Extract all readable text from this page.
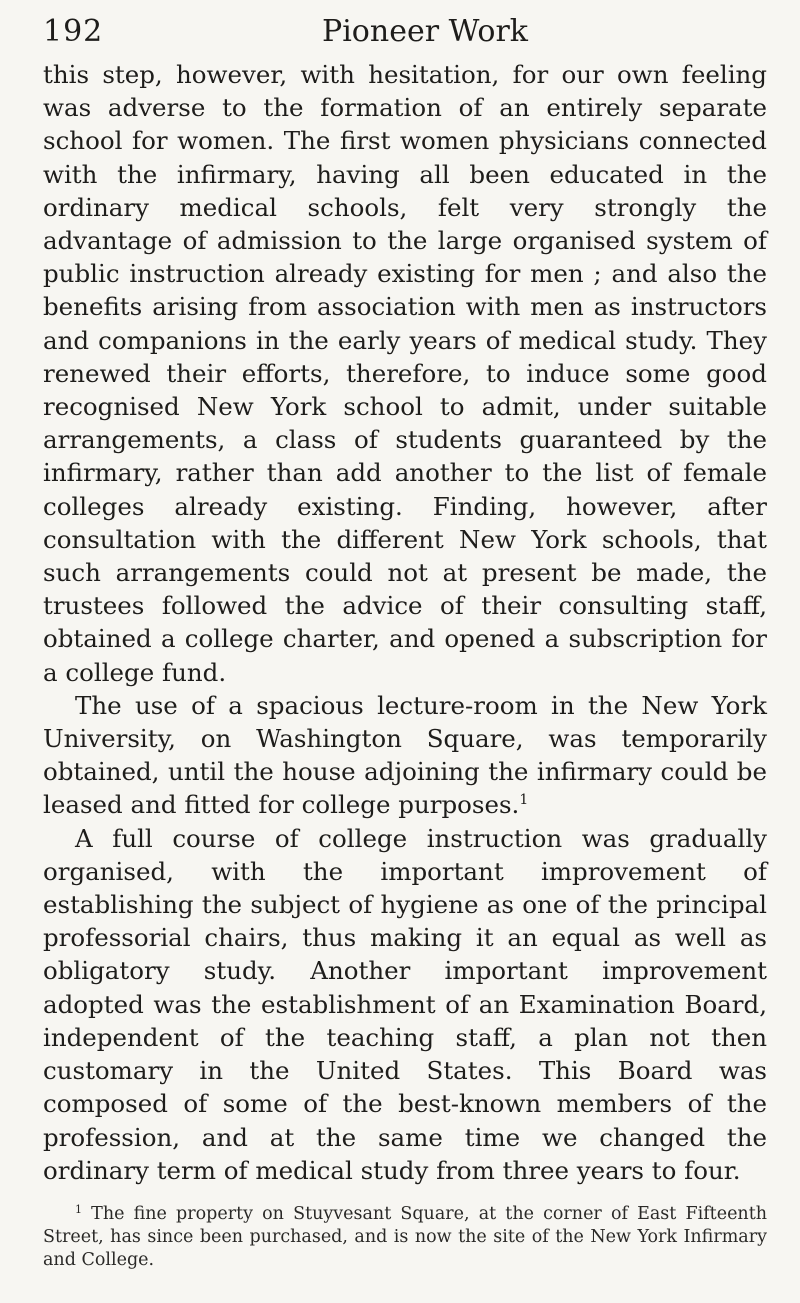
192	Pioneer Work

this step, however, with hesitation, for our own feeling was adverse to the formation of an entirely separate school for women. The first women physicians connected with the infirmary, having all been educated in the ordinary medical schools, felt very strongly the advantage of admission to the large organised system of public instruction already existing for men ; and also the benefits arising from association with men as instructors and companions in the early years of medical study. They renewed their efforts, therefore, to induce some good recognised New York school to admit, under suitable arrangements, a class of students guaranteed by the infirmary, rather than add another to the list of female colleges already existing. Finding, however, after consultation with the different New York schools, that such arrangements could not at present be made, the trustees followed the advice of their consulting staff, obtained a college charter, and opened a subscription for a college fund.

The use of a spacious lecture-room in the New York University, on Washington Square, was temporarily obtained, until the house adjoining the infirmary could be leased and fitted for college purposes.$^1$

A full course of college instruction was gradually organised, with the important improvement of establishing the subject of hygiene as one of the principal professorial chairs, thus making it an equal as well as obligatory study. Another important improvement adopted was the establishment of an Examination Board, independent of the teaching staff, a plan not then customary in the United States. This Board was composed of some of the best-known members of the profession, and at the same time we changed the ordinary term of medical study from three years to four.

$^1$ The fine property on Stuyvesant Square, at the corner of East Fifteenth Street, has since been purchased, and is now the site of the New York Infirmary and College.
